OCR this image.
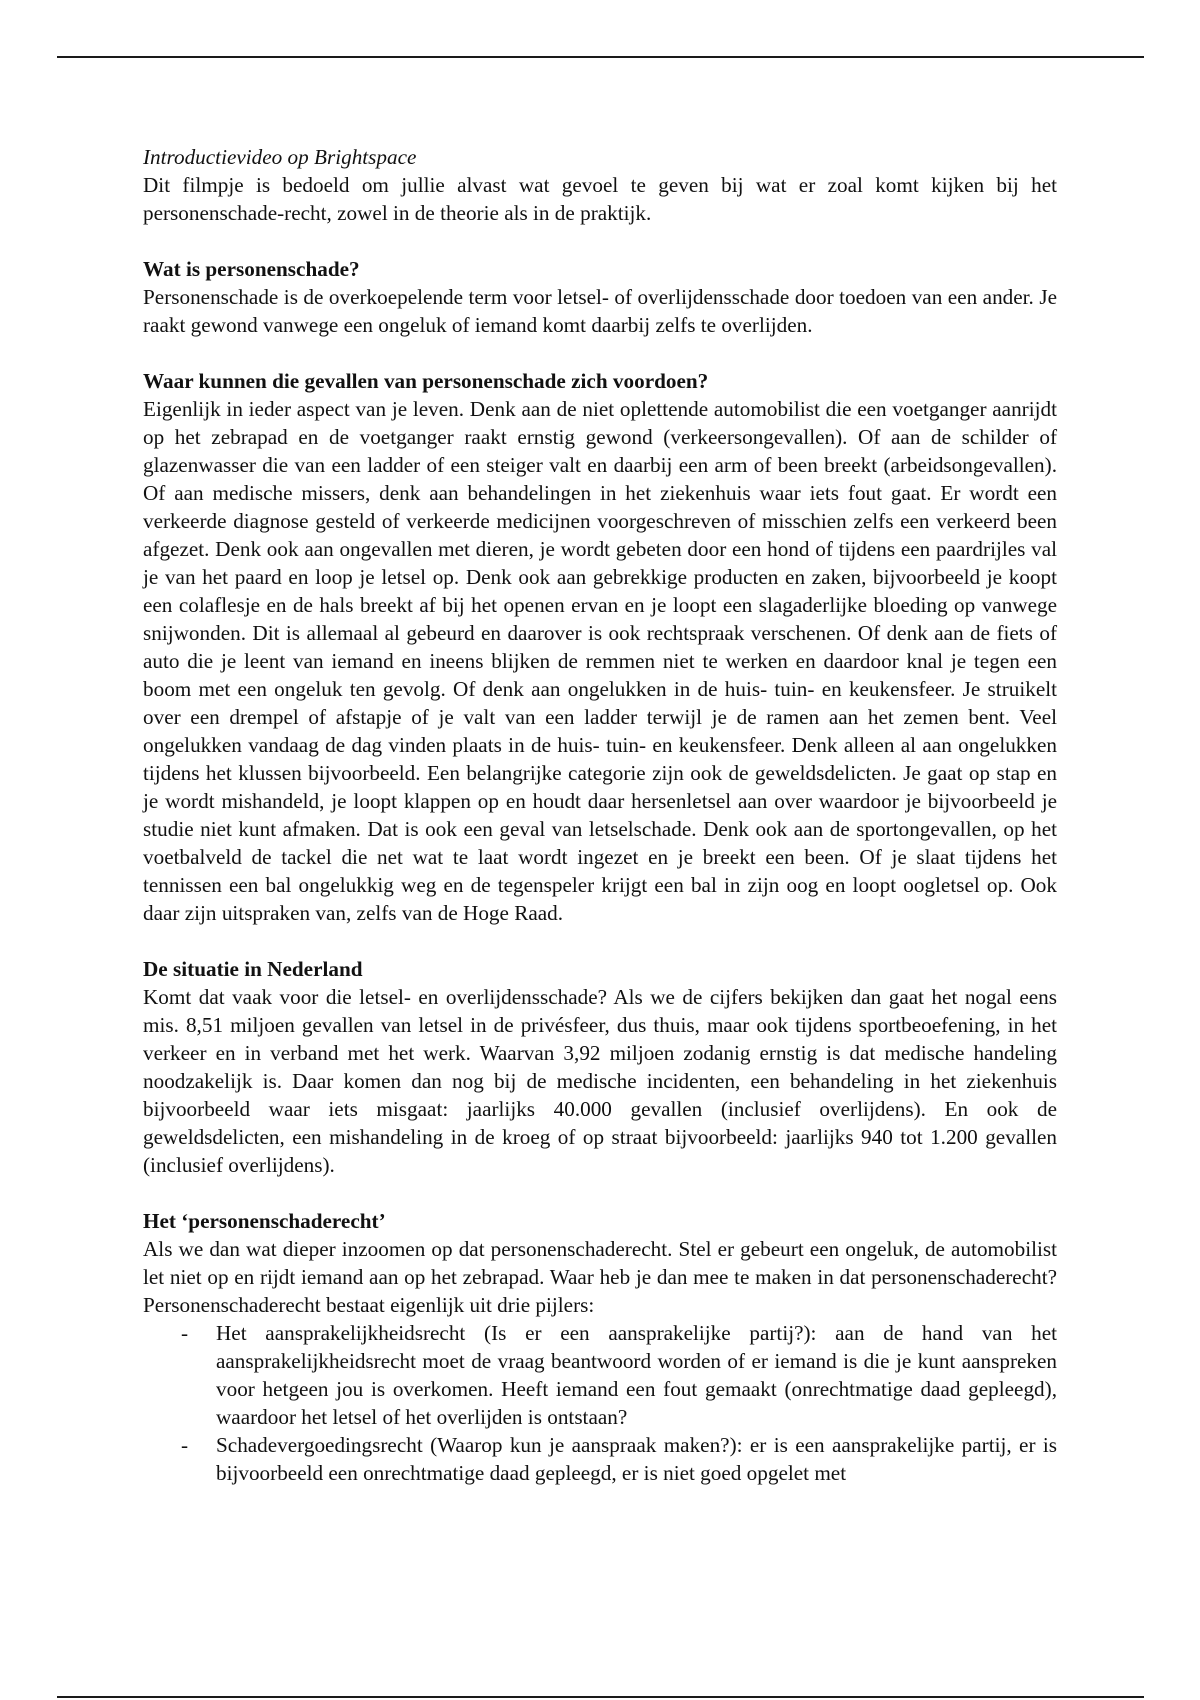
Introductievideo op Brightspace

Dit filmpje is bedoeld om jullie alvast wat gevoel te geven bij wat er zoal komt kijken bij het personenschade-recht, zowel in de theorie als in de praktijk.

Wat is personenschade?

Personenschade is de overkoepelende term voor letsel- of overlijdensschade door toedoen van een ander. Je raakt gewond vanwege een ongeluk of iemand komt daarbij zelfs te overlijden.

Waar kunnen die gevallen van personenschade zich voordoen?

Eigenlijk in ieder aspect van je leven. Denk aan de niet oplettende automobilist die een voetganger aanrijdt op het zebrapad en de voetganger raakt ernstig gewond (verkeersongevallen). Of aan de schilder of glazenwasser die van een ladder of een steiger valt en daarbij een arm of been breekt (arbeidsongevallen). Of aan medische missers, denk aan behandelingen in het ziekenhuis waar iets fout gaat. Er wordt een verkeerde diagnose gesteld of verkeerde medicijnen voorgeschreven of misschien zelfs een verkeerd been afgezet. Denk ook aan ongevallen met dieren, je wordt gebeten door een hond of tijdens een paardrijles val je van het paard en loop je letsel op. Denk ook aan gebrekkige producten en zaken, bijvoorbeeld je koopt een colaflesje en de hals breekt af bij het openen ervan en je loopt een slagaderlijke bloeding op vanwege snijwonden. Dit is allemaal al gebeurd en daarover is ook rechtspraak verschenen. Of denk aan de fiets of auto die je leent van iemand en ineens blijken de remmen niet te werken en daardoor knal je tegen een boom met een ongeluk ten gevolg. Of denk aan ongelukken in de huis- tuin- en keukensfeer. Je struikelt over een drempel of afstapje of je valt van een ladder terwijl je de ramen aan het zemen bent. Veel ongelukken vandaag de dag vinden plaats in de huis- tuin- en keukensfeer. Denk alleen al aan ongelukken tijdens het klussen bijvoorbeeld. Een belangrijke categorie zijn ook de geweldsdelicten. Je gaat op stap en je wordt mishandeld, je loopt klappen op en houdt daar hersenletsel aan over waardoor je bijvoorbeeld je studie niet kunt afmaken. Dat is ook een geval van letselschade. Denk ook aan de sportongevallen, op het voetbalveld de tackel die net wat te laat wordt ingezet en je breekt een been. Of je slaat tijdens het tennissen een bal ongelukkig weg en de tegenspeler krijgt een bal in zijn oog en loopt oogletsel op. Ook daar zijn uitspraken van, zelfs van de Hoge Raad.

De situatie in Nederland

Komt dat vaak voor die letsel- en overlijdensschade? Als we de cijfers bekijken dan gaat het nogal eens mis. 8,51 miljoen gevallen van letsel in de privésfeer, dus thuis, maar ook tijdens sportbeoefening, in het verkeer en in verband met het werk. Waarvan 3,92 miljoen zodanig ernstig is dat medische handeling noodzakelijk is. Daar komen dan nog bij de medische incidenten, een behandeling in het ziekenhuis bijvoorbeeld waar iets misgaat: jaarlijks 40.000 gevallen (inclusief overlijdens). En ook de geweldsdelicten, een mishandeling in de kroeg of op straat bijvoorbeeld: jaarlijks 940 tot 1.200 gevallen (inclusief overlijdens).

Het ‘personenschaderecht’

Als we dan wat dieper inzoomen op dat personenschaderecht. Stel er gebeurt een ongeluk, de automobilist let niet op en rijdt iemand aan op het zebrapad. Waar heb je dan mee te maken in dat personenschaderecht? Personenschaderecht bestaat eigenlijk uit drie pijlers:

- Het aansprakelijkheidsrecht (Is er een aansprakelijke partij?): aan de hand van het aansprakelijkheidsrecht moet de vraag beantwoord worden of er iemand is die je kunt aanspreken voor hetgeen jou is overkomen. Heeft iemand een fout gemaakt (onrechtmatige daad gepleegd), waardoor het letsel of het overlijden is ontstaan?
- Schadevergoedingsrecht (Waarop kun je aanspraak maken?): er is een aansprakelijke partij, er is bijvoorbeeld een onrechtmatige daad gepleegd, er is niet goed opgelet met
